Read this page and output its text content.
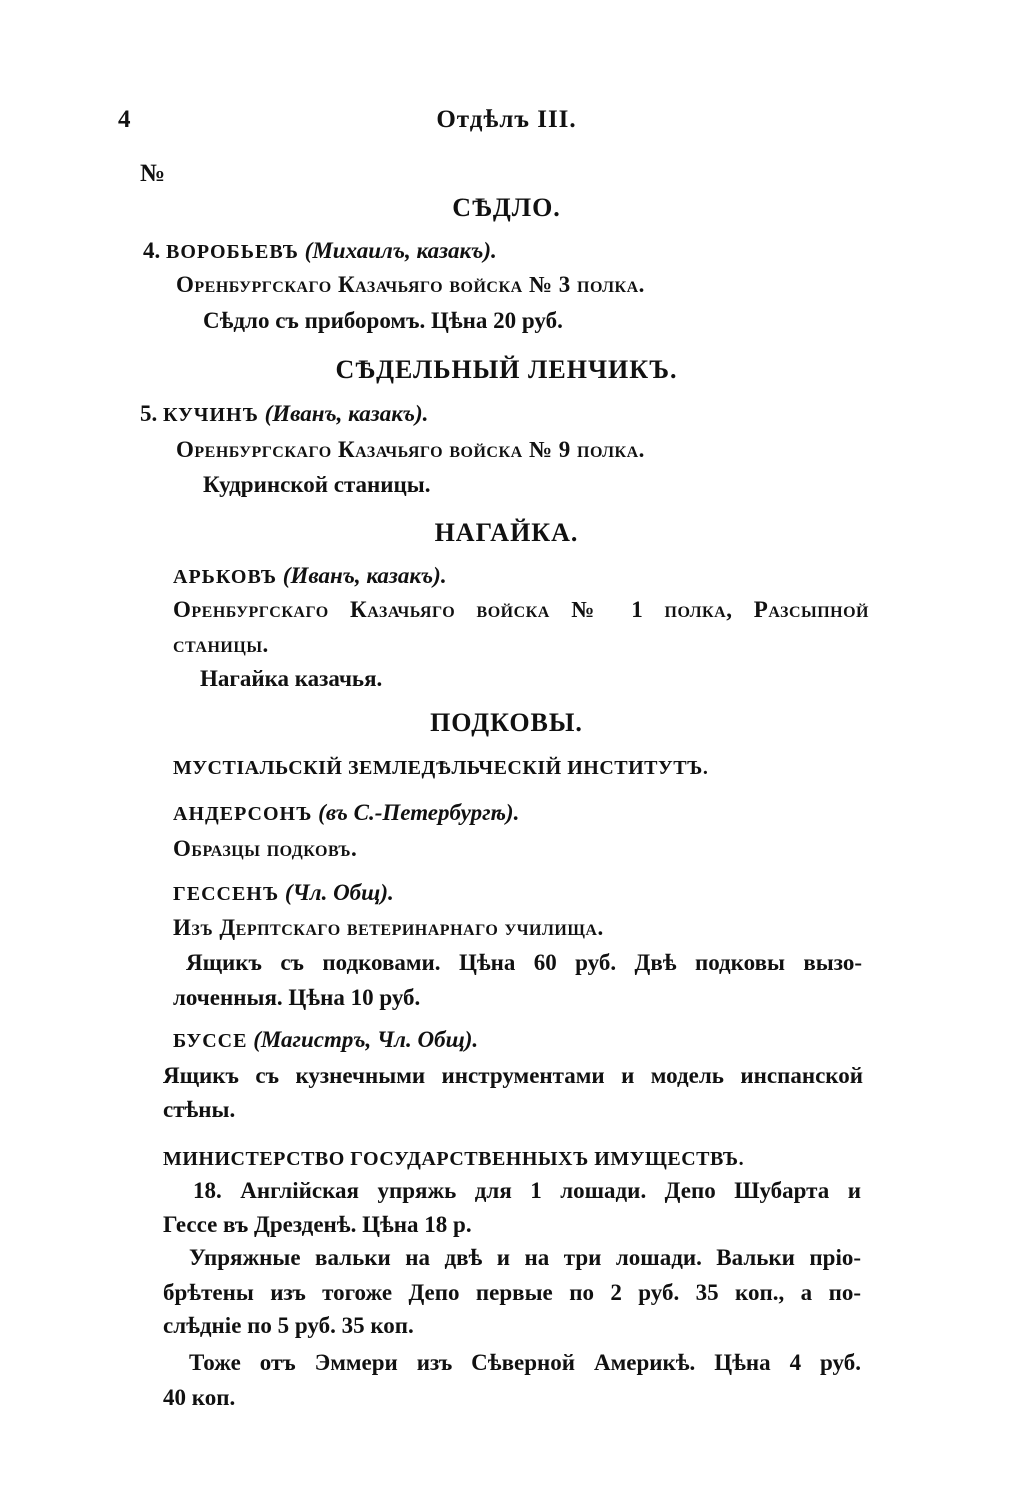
4	Отдѣлъ III.
№
СѢДЛО.
4. ВОРОБЬЕВЪ (Михаилъ, казакъ).
Оренбургскаго Казачьяго войска № 3 полка.
Сѣдло съ приборомъ. Цѣна 20 руб.
СѢДЕЛЬНЫЙ ЛЕНЧИКЪ.
5. КУЧИНЪ (Иванъ, казакъ).
Оренбургскаго Казачьяго войска № 9 полка.
Кудринской станицы.
НАГАЙКА.
АРЬКОВЪ (Иванъ, казакъ).
Оренбургскаго Казачьяго войска № 1 полка, Разсыпной
станицы.
Нагайка казачья.
ПОДКОВЫ.
МУСТІАЛЬСКІЙ ЗЕМЛЕДѢЛЬЧЕСКІЙ ИНСТИТУТЪ.
АНДЕРСОНЪ (въ С.-Петербургѣ).
Образцы подковъ.
ГЕССЕНЪ (Чл. Общ).
Изъ Дерптскаго ветеринарнаго училища.
Ящикъ съ подковами. Цѣна 60 руб. Двѣ подковы вызо-
лоченныя. Цѣна 10 руб.
БУССЕ (Магистръ, Чл. Общ).
Ящикъ съ кузнечными инструментами и модель инспанской
стѣны.
МИНИСТЕРСТВО ГОСУДАРСТВЕННЫХЪ ИМУЩЕСТВЪ.
18. Англійская упряжь для 1 лошади. Депо Шубарта и
Гессе въ Дрезденѣ. Цѣна 18 р.
Упряжные вальки на двѣ и на три лошади. Вальки пріо-
брѣтены изъ тогоже Депо первые по 2 руб. 35 коп., а по-
слѣдніе по 5 руб. 35 коп.
Тоже отъ Эммери изъ Сѣверной Америкѣ. Цѣна 4 руб.
40 коп.
